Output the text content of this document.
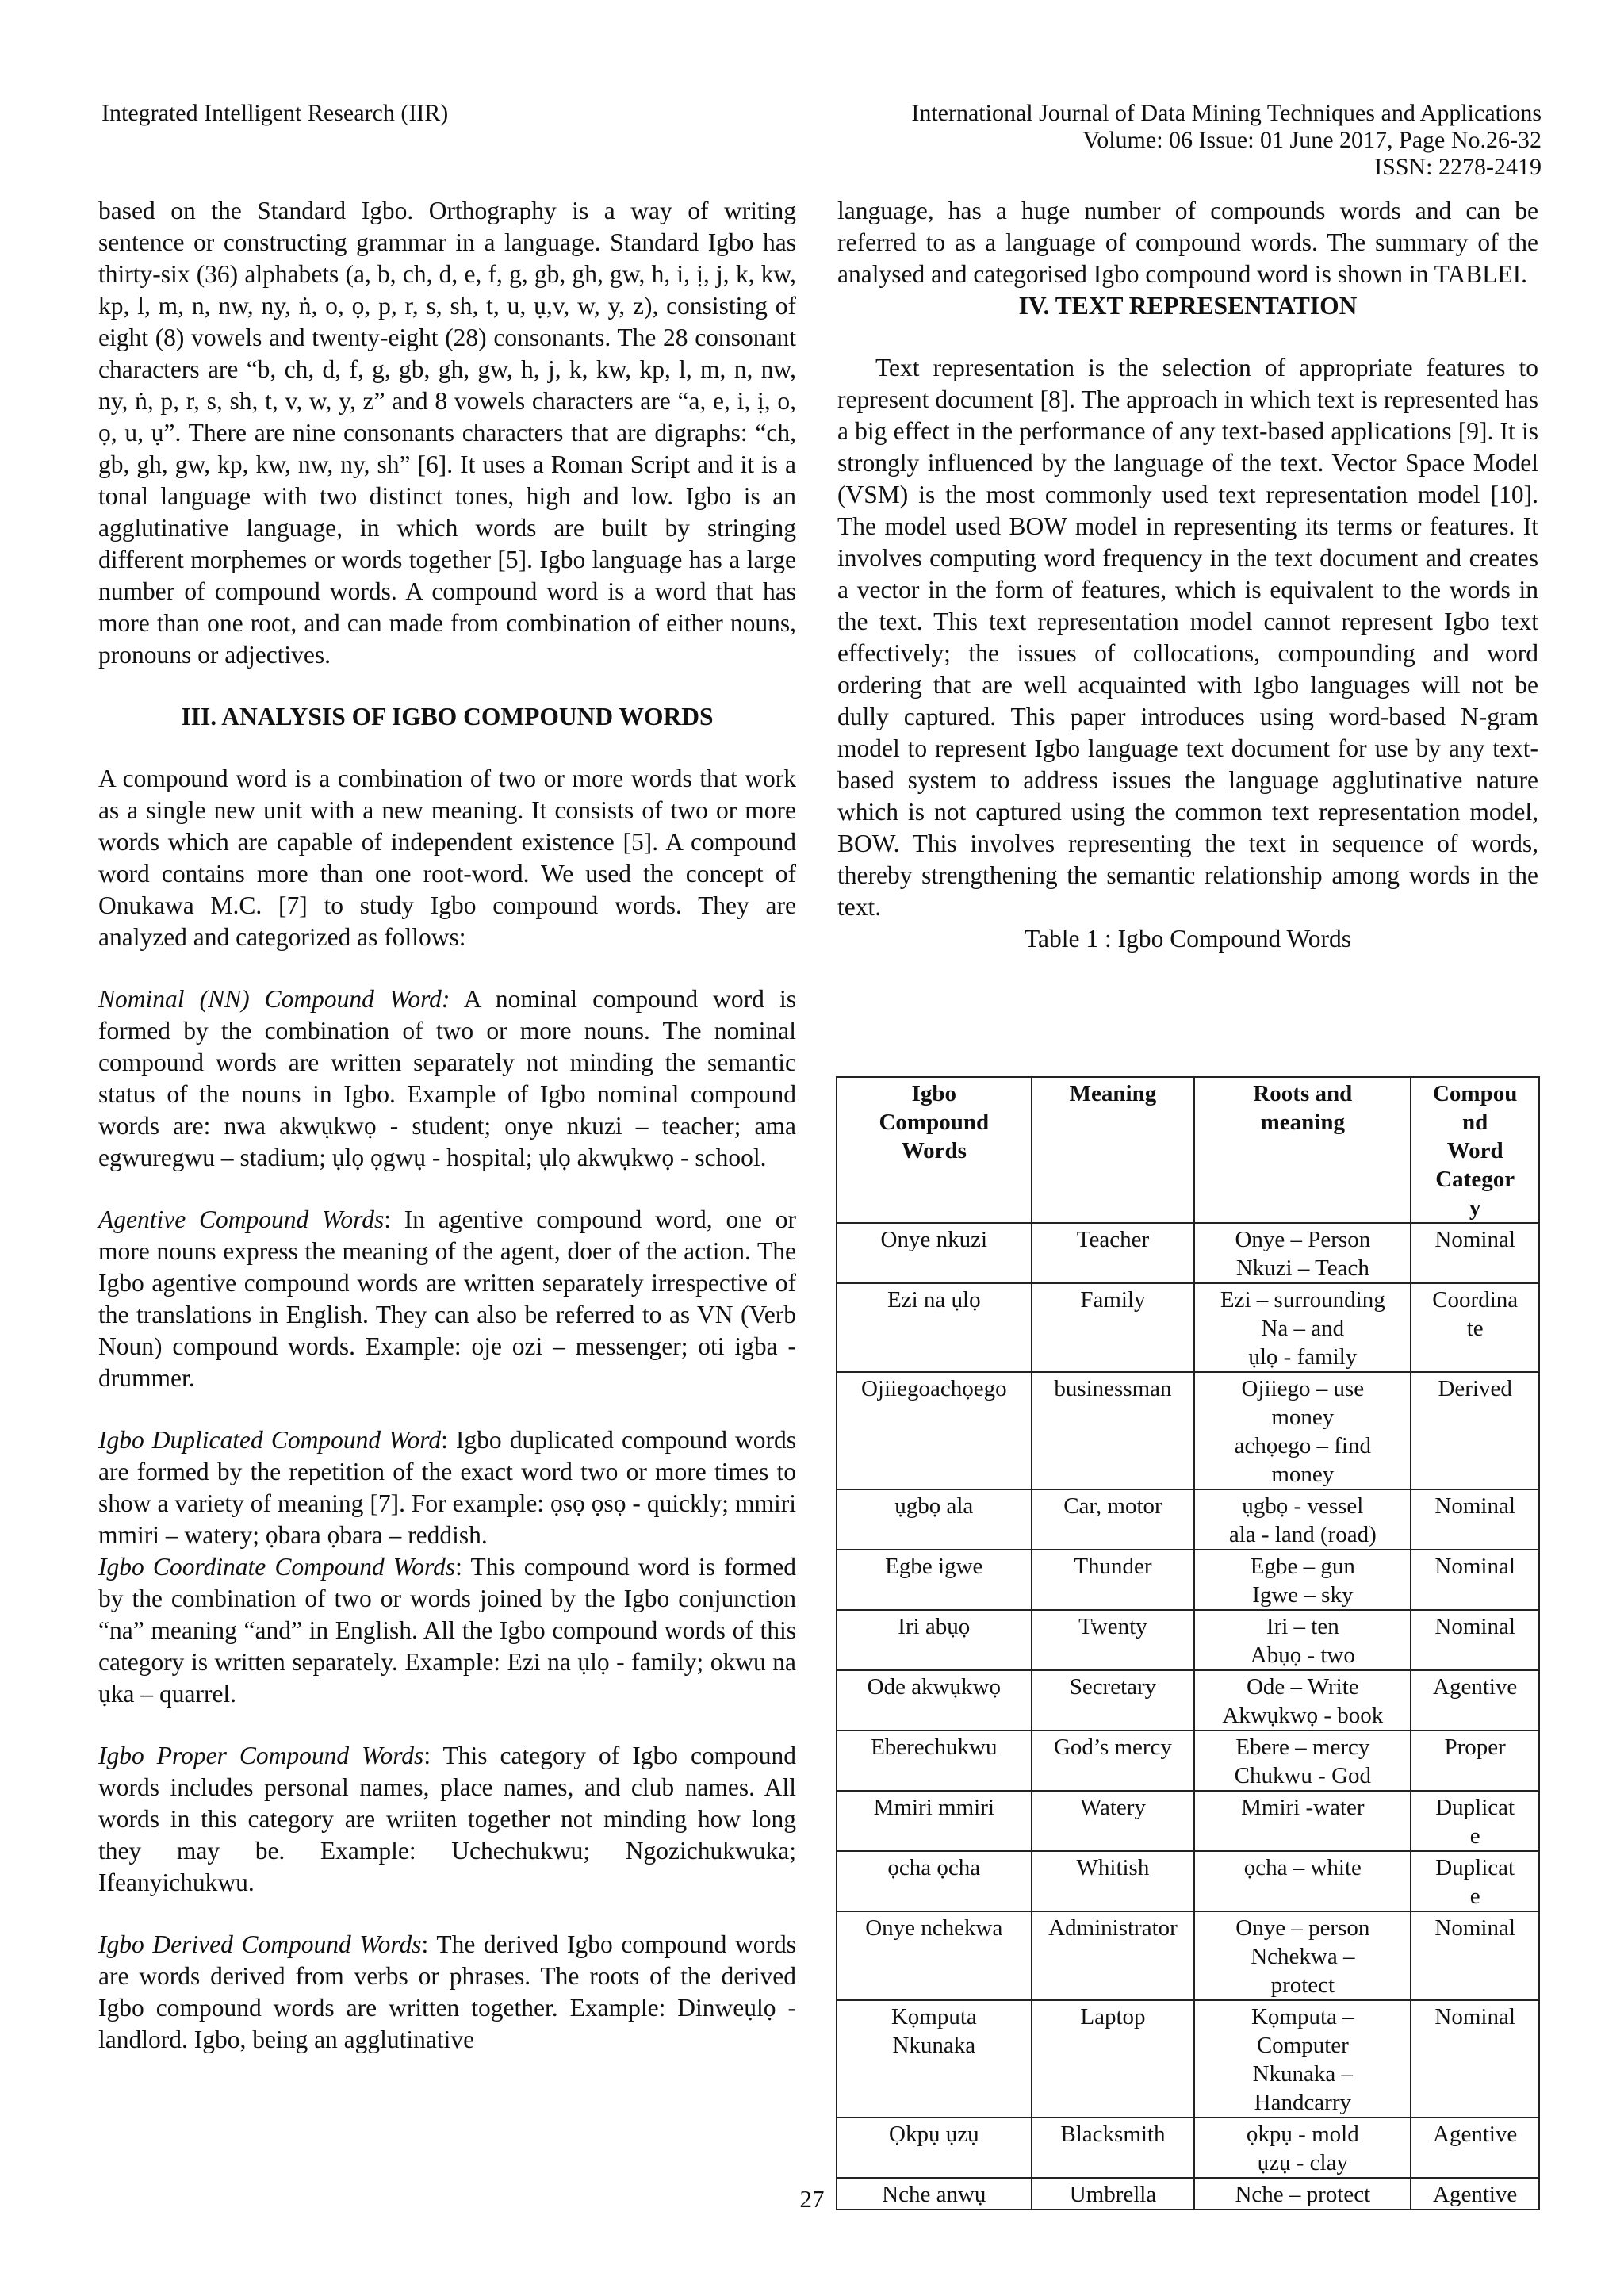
Integrated Intelligent Research (IIR)	International Journal of Data Mining Techniques and Applications
Volume: 06 Issue: 01 June 2017, Page No.26-32
ISSN: 2278-2419

based on the Standard Igbo. Orthography is a way of writing sentence or constructing grammar in a language. Standard Igbo has thirty-six (36) alphabets (a, b, ch, d, e, f, g, gb, gh, gw, h, i, ị, j, k, kw, kp, l, m, n, nw, ny, ṅ, o, ọ, p, r, s, sh, t, u, ụ,v, w, y, z), consisting of eight (8) vowels and twenty-eight (28) consonants. The 28 consonant characters are “b, ch, d, f, g, gb, gh, gw, h, j, k, kw, kp, l, m, n, nw, ny, ṅ, p, r, s, sh, t, v, w, y, z” and 8 vowels characters are “a, e, i, ị, o, ọ, u, ụ”. There are nine consonants characters that are digraphs: “ch, gb, gh, gw, kp, kw, nw, ny, sh” [6]. It uses a Roman Script and it is a tonal language with two distinct tones, high and low. Igbo is an agglutinative language, in which words are built by stringing different morphemes or words together [5]. Igbo language has a large number of compound words. A compound word is a word that has more than one root, and can made from combination of either nouns, pronouns or adjectives.

III. ANALYSIS OF IGBO COMPOUND WORDS

A compound word is a combination of two or more words that work as a single new unit with a new meaning. It consists of two or more words which are capable of independent existence [5]. A compound word contains more than one root-word. We used the concept of Onukawa M.C. [7] to study Igbo compound words. They are analyzed and categorized as follows:

Nominal (NN) Compound Word: A nominal compound word is formed by the combination of two or more nouns. The nominal compound words are written separately not minding the semantic status of the nouns in Igbo. Example of Igbo nominal compound words are: nwa akwụkwọ - student; onye nkuzi – teacher; ama egwuregwu – stadium; ụlọ ọgwụ - hospital; ụlọ akwụkwọ - school.

Agentive Compound Words: In agentive compound word, one or more nouns express the meaning of the agent, doer of the action. The Igbo agentive compound words are written separately irrespective of the translations in English. They can also be referred to as VN (Verb Noun) compound words. Example: oje ozi – messenger; oti igba - drummer.

Igbo Duplicated Compound Word: Igbo duplicated compound words are formed by the repetition of the exact word two or more times to show a variety of meaning [7]. For example: ọsọ ọsọ - quickly; mmiri mmiri – watery; ọbara ọbara – reddish.

Igbo Coordinate Compound Words: This compound word is formed by the combination of two or words joined by the Igbo conjunction “na” meaning “and” in English. All the Igbo compound words of this category is written separately. Example: Ezi na ụlọ - family; okwu na ụka – quarrel.

Igbo Proper Compound Words: This category of Igbo compound words includes personal names, place names, and club names. All words in this category are wriiten together not minding how long they may be. Example: Uchechukwu; Ngozichukwuka; Ifeanyichukwu.

Igbo Derived Compound Words: The derived Igbo compound words are words derived from verbs or phrases. The roots of the derived Igbo compound words are written together. Example: Dinweụlọ - landlord. Igbo, being an agglutinative

language, has a huge number of compounds words and can be referred to as a language of compound words. The summary of the analysed and categorised Igbo compound word is shown in TABLEI.

IV. TEXT REPRESENTATION

Text representation is the selection of appropriate features to represent document [8]. The approach in which text is represented has a big effect in the performance of any text-based applications [9]. It is strongly influenced by the language of the text. Vector Space Model (VSM) is the most commonly used text representation model [10]. The model used BOW model in representing its terms or features. It involves computing word frequency in the text document and creates a vector in the form of features, which is equivalent to the words in the text. This text representation model cannot represent Igbo text effectively; the issues of collocations, compounding and word ordering that are well acquainted with Igbo languages will not be dully captured. This paper introduces using word-based N-gram model to represent Igbo language text document for use by any text-based system to address issues the language agglutinative nature which is not captured using the common text representation model, BOW. This involves representing the text in sequence of words, thereby strengthening the semantic relationship among words in the text.

Table 1 : Igbo Compound Words

Igbo
Compound
Words	Meaning	Roots and
meaning	Compou
nd
Word
Categor
y

Onye nkuzi	Teacher	Onye – Person
Nkuzi – Teach	Nominal

Ezi na ụlọ	Family	Ezi – surrounding
Na – and
ụlọ - family	Coordina
te

Ojiiegoachọego	businessman	Ojiiego – use
money
achọego – find
money	Derived

ụgbọ ala	Car, motor	ụgbọ - vessel
ala - land (road)	Nominal

Egbe igwe	Thunder	Egbe – gun
Igwe – sky	Nominal

Iri abụọ	Twenty	Iri – ten
Abụọ - two	Nominal

Ode akwụkwọ	Secretary	Ode – Write
Akwụkwọ - book	Agentive

Eberechukwu	God’s mercy	Ebere – mercy
Chukwu - God	Proper

Mmiri mmiri	Watery	Mmiri -water	Duplicat
e

ọcha ọcha	Whitish	ọcha – white	Duplicat
e

Onye nchekwa	Administrator	Onye – person
Nchekwa –
protect	Nominal

Kọmputa
Nkunaka	Laptop	Kọmputa –
Computer
Nkunaka –
Handcarry	Nominal

Ọkpụ ụzụ	Blacksmith	ọkpụ - mold
ụzụ - clay	Agentive

Nche anwụ	Umbrella	Nche – protect	Agentive
27
